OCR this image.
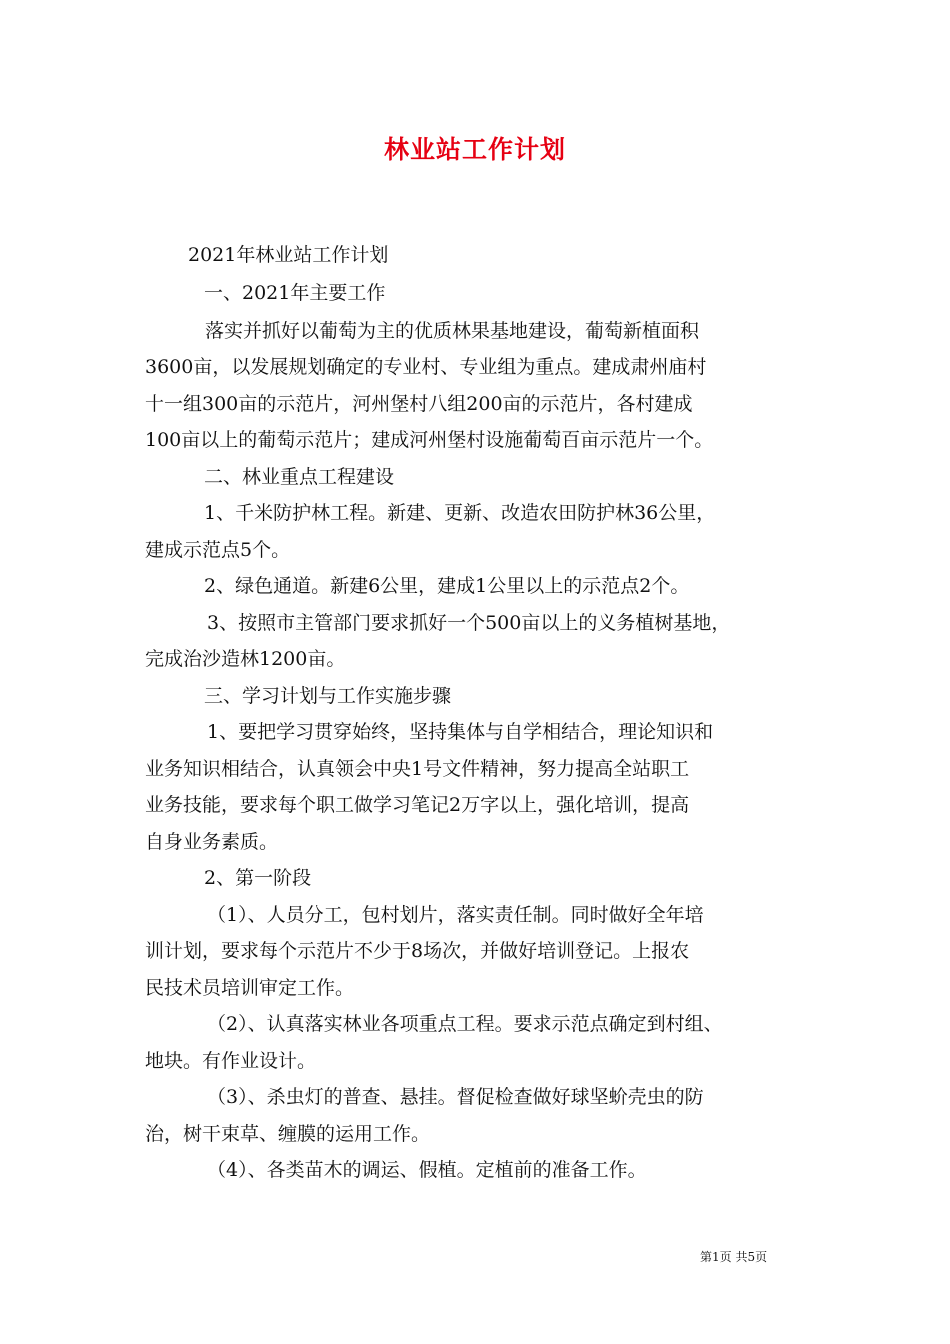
林业站工作计划
2021年林业站工作计划
一、2021年主要工作
落实并抓好以葡萄为主的优质林果基地建设，葡萄新植面积
3600亩，以发展规划确定的专业村、专业组为重点。建成肃州庙村
十一组300亩的示范片，河州堡村八组200亩的示范片，各村建成
100亩以上的葡萄示范片；建成河州堡村设施葡萄百亩示范片一个。
二、林业重点工程建设
1、千米防护林工程。新建、更新、改造农田防护林36公里，
建成示范点5个。
2、绿色通道。新建6公里，建成1公里以上的示范点2个。
3、按照市主管部门要求抓好一个500亩以上的义务植树基地，
完成治沙造林1200亩。
三、学习计划与工作实施步骤
1、要把学习贯穿始终，坚持集体与自学相结合，理论知识和
业务知识相结合，认真领会中央1号文件精神，努力提高全站职工
业务技能，要求每个职工做学习笔记2万字以上，强化培训，提高
自身业务素质。
2、第一阶段
（1）、人员分工，包村划片，落实责任制。同时做好全年培
训计划，要求每个示范片不少于8场次，并做好培训登记。上报农
民技术员培训审定工作。
（2）、认真落实林业各项重点工程。要求示范点确定到村组、
地块。有作业设计。
（3）、杀虫灯的普查、悬挂。督促检查做好球坚蚧壳虫的防
治，树干束草、缠膜的运用工作。
（4）、各类苗木的调运、假植。定植前的准备工作。
第1页 共5页
